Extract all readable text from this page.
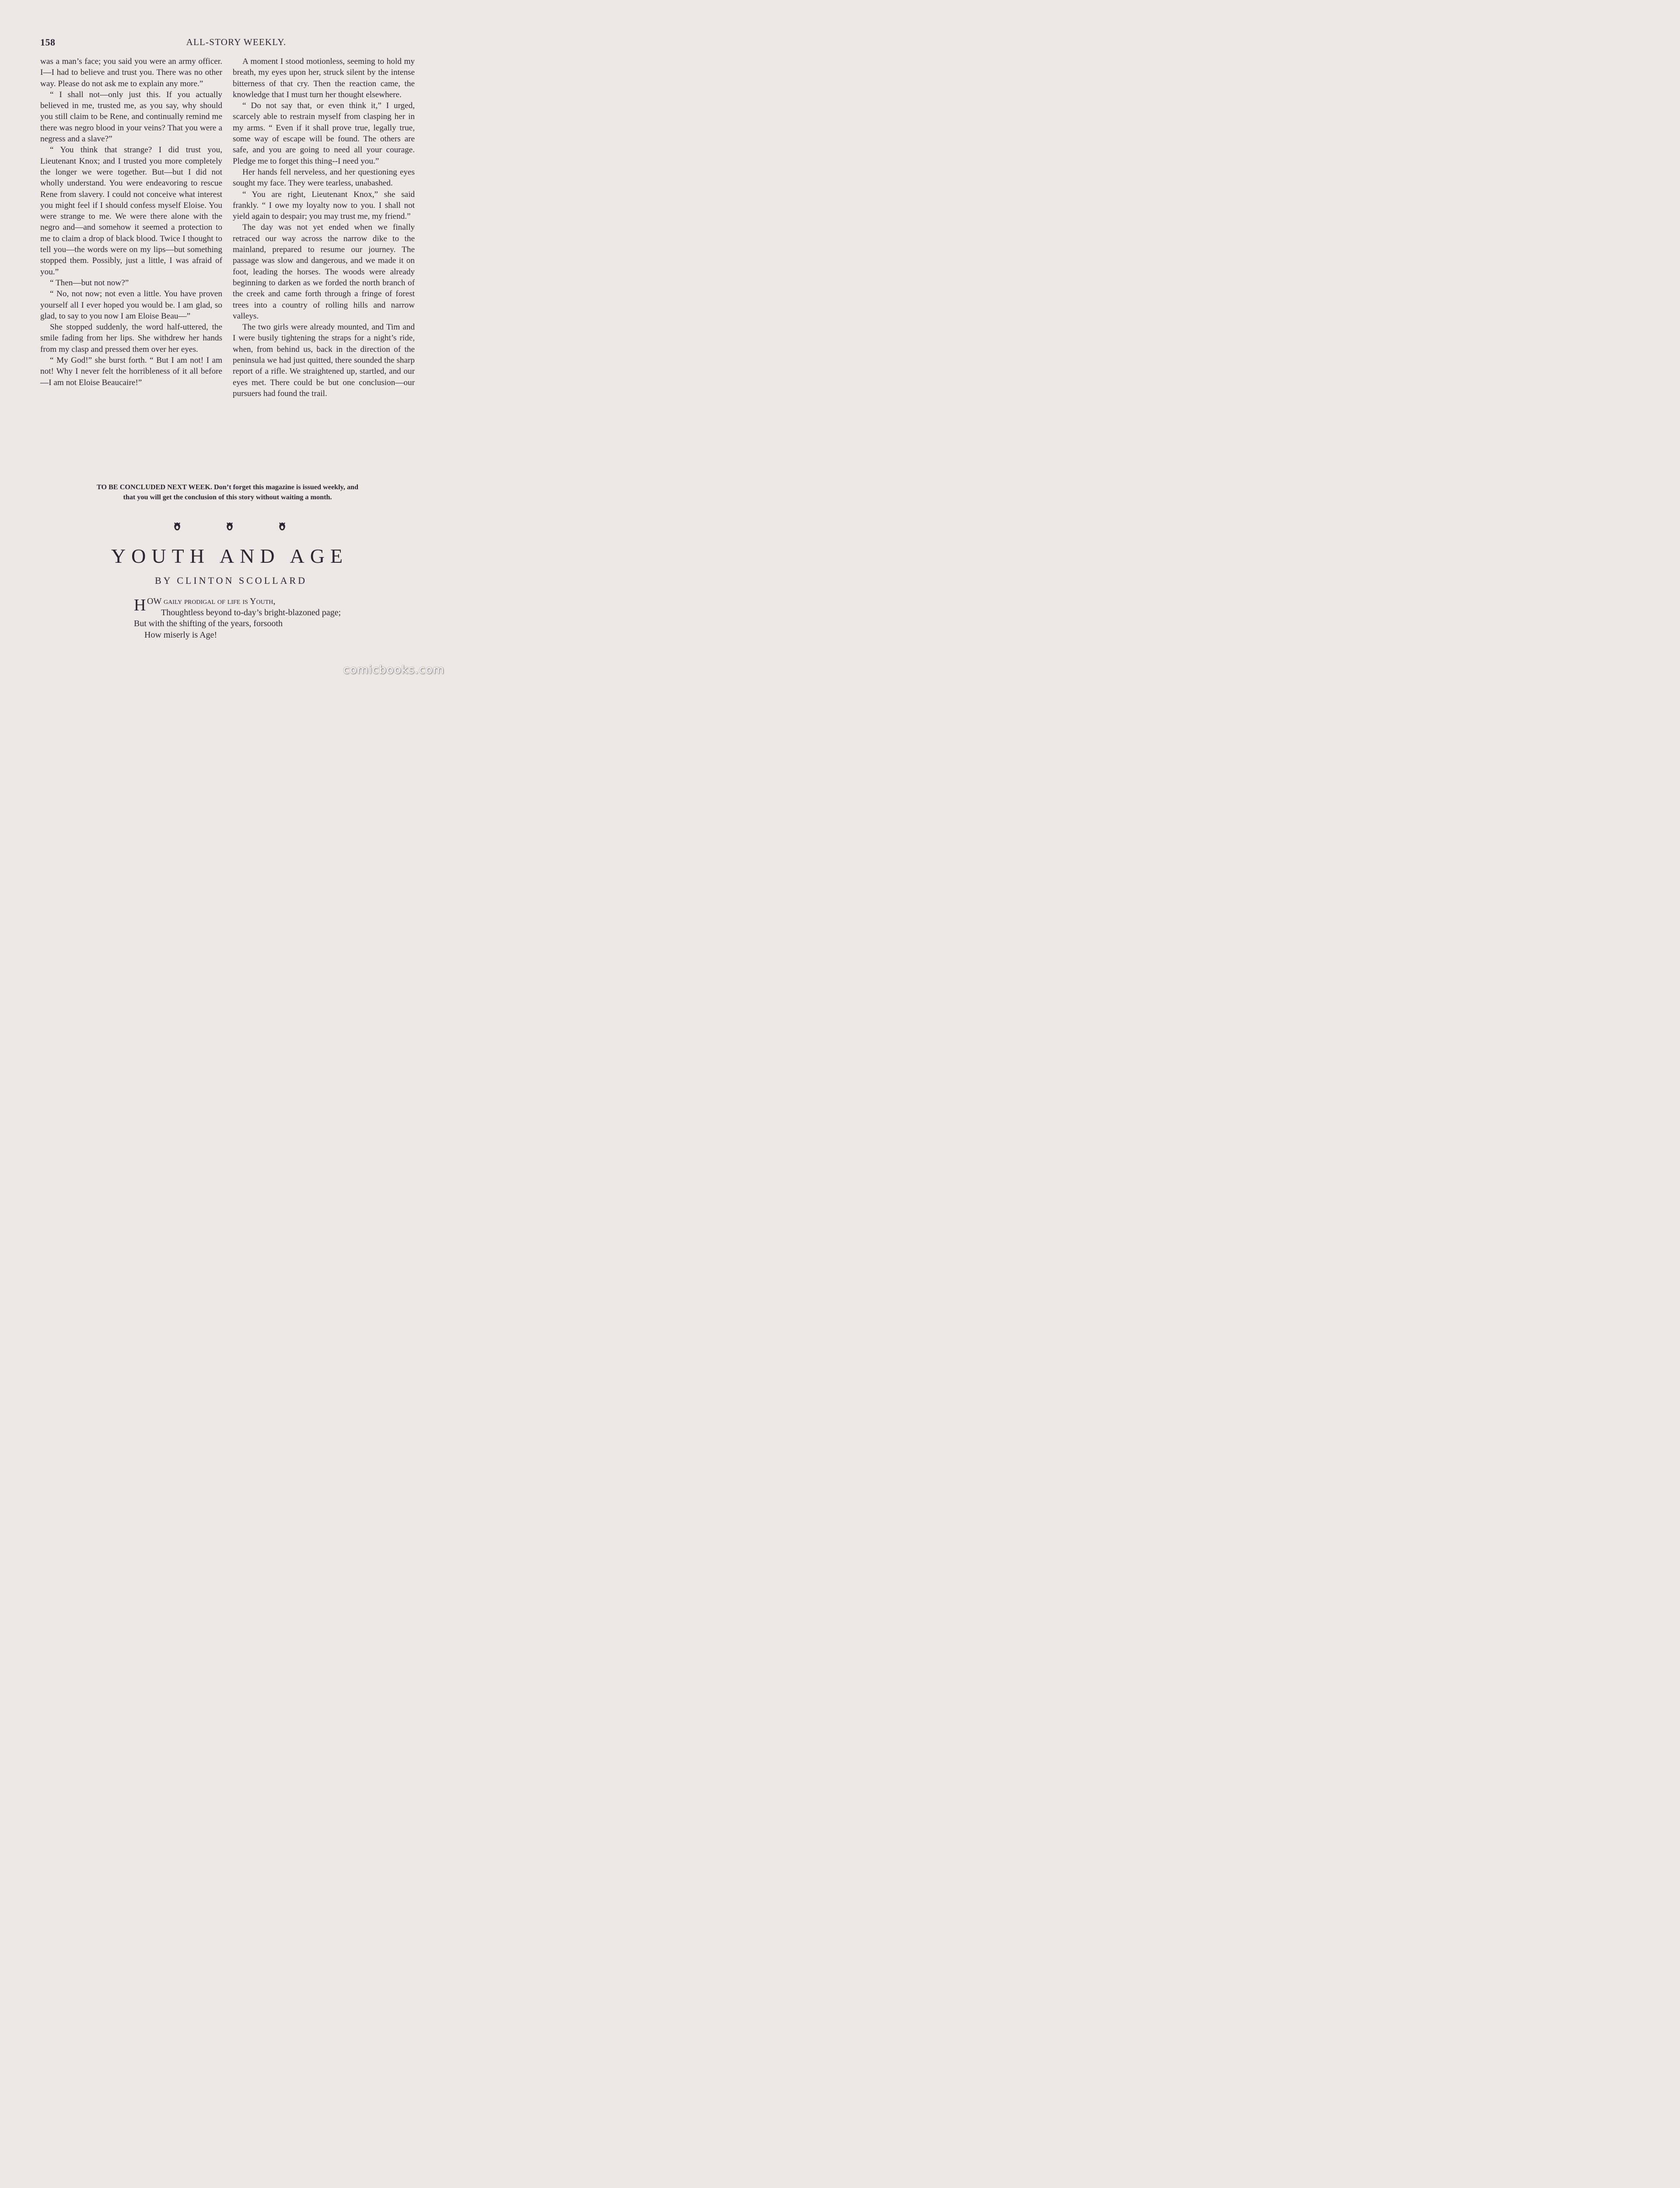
158	ALL-STORY WEEKLY.

was a man’s face; you said you were an army officer. I—I had to believe and trust you. There was no other way. Please do not ask me to explain any more.”

“ I shall not—only just this. If you actually believed in me, trusted me, as you say, why should you still claim to be Rene, and continually remind me there was negro blood in your veins? That you were a negress and a slave?”

“ You think that strange? I did trust you, Lieutenant Knox; and I trusted you more completely the longer we were together. But—but I did not wholly understand. You were endeavoring to rescue Rene from slavery. I could not conceive what interest you might feel if I should confess myself Eloise. You were strange to me. We were there alone with the negro and—and somehow it seemed a protection to me to claim a drop of black blood. Twice I thought to tell you—the words were on my lips—but something stopped them. Possibly, just a little, I was afraid of you.”

“ Then—but not now?”

“ No, not now; not even a little. You have proven yourself all I ever hoped you would be. I am glad, so glad, to say to you now I am Eloise Beau—”

She stopped suddenly, the word half-uttered, the smile fading from her lips. She withdrew her hands from my clasp and pressed them over her eyes.

“ My God!” she burst forth. “ But I am not! I am not! Why I never felt the horribleness of it all before—I am not Eloise Beaucaire!”

A moment I stood motionless, seeming to hold my breath, my eyes upon her, struck silent by the intense bitterness of that cry. Then the reaction came, the knowledge that I must turn her thought elsewhere.

“ Do not say that, or even think it,” I urged, scarcely able to restrain myself from clasping her in my arms. “ Even if it shall prove true, legally true, some way of escape will be found. The others are safe, and you are going to need all your courage. Pledge me to forget this thing--I need you.”

Her hands fell nerveless, and her questioning eyes sought my face. They were tearless, unabashed.

“ You are right, Lieutenant Knox,” she said frankly. “ I owe my loyalty now to you. I shall not yield again to despair; you may trust me, my friend.”

The day was not yet ended when we finally retraced our way across the narrow dike to the mainland, prepared to resume our journey. The passage was slow and dangerous, and we made it on foot, leading the horses. The woods were already beginning to darken as we forded the north branch of the creek and came forth through a fringe of forest trees into a country of rolling hills and narrow valleys.

The two girls were already mounted, and Tim and I were busily tightening the straps for a night’s ride, when, from behind us, back in the direction of the peninsula we had just quitted, there sounded the sharp report of a rifle. We straightened up, startled, and our eyes met. There could be but one conclusion—our pursuers had found the trail.

TO BE CONCLUDED NEXT WEEK. Don’t forget this magazine is issued weekly, and
that you will get the conclusion of this story without waiting a month.
YOUTH AND AGE
BY CLINTON SCOLLARD
H OW gaily prodigal of life is Youth,
Thoughtless beyond to-day’s bright-blazoned page;
But with the shifting of the years, forsooth
How miserly is Age!
comicbooks.com
